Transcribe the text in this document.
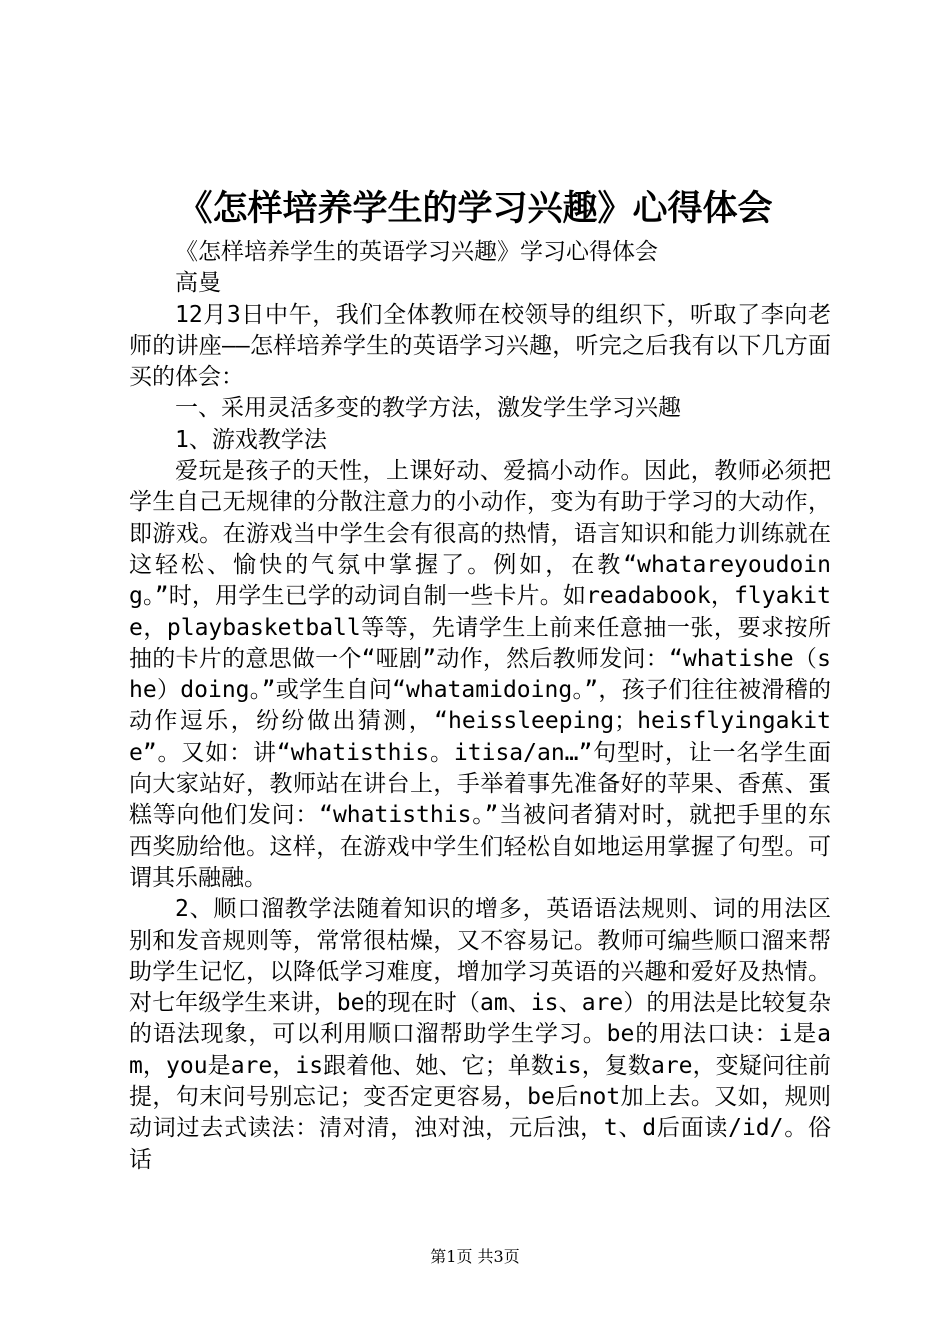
《怎样培养学生的学习兴趣》心得体会

《怎样培养学生的英语学习兴趣》学习心得体会

高曼

12月3日中午，我们全体教师在校领导的组织下，听取了李向老师的讲座——怎样培养学生的英语学习兴趣，听完之后我有以下几方面买的体会：

一、采用灵活多变的教学方法，激发学生学习兴趣

1、游戏教学法

爱玩是孩子的天性，上课好动、爱搞小动作。因此，教师必须把学生自己无规律的分散注意力的小动作，变为有助于学习的大动作，即游戏。在游戏当中学生会有很高的热情，语言知识和能力训练就在这轻松、愉快的气氛中掌握了。例如，在教“whatareyoudoing。”时，用学生已学的动词自制一些卡片。如readabook，flyakite，playbasketball等等，先请学生上前来任意抽一张，要求按所抽的卡片的意思做一个“哑剧”动作，然后教师发问：“whatishe（she）doing。”或学生自问“whatamidoing。”，孩子们往往被滑稽的动作逗乐，纷纷做出猜测，“heissleeping；heisflyingakite”。又如：讲“whatisthis。itisa/an…”句型时，让一名学生面向大家站好，教师站在讲台上，手举着事先准备好的苹果、香蕉、蛋糕等向他们发问：“whatisthis。”当被问者猜对时，就把手里的东西奖励给他。这样，在游戏中学生们轻松自如地运用掌握了句型。可谓其乐融融。

2、顺口溜教学法随着知识的增多，英语语法规则、词的用法区别和发音规则等，常常很枯燥，又不容易记。教师可编些顺口溜来帮助学生记忆，以降低学习难度，增加学习英语的兴趣和爱好及热情。对七年级学生来讲，be的现在时（am、is、are）的用法是比较复杂的语法现象，可以利用顺口溜帮助学生学习。be的用法口诀：i是am，you是are，is跟着他、她、它；单数is，复数are，变疑问往前提，句末问号别忘记；变否定更容易，be后not加上去。又如，规则动词过去式读法：清对清，浊对浊，元后浊，t、d后面读/id/。俗话

第1页 共3页
